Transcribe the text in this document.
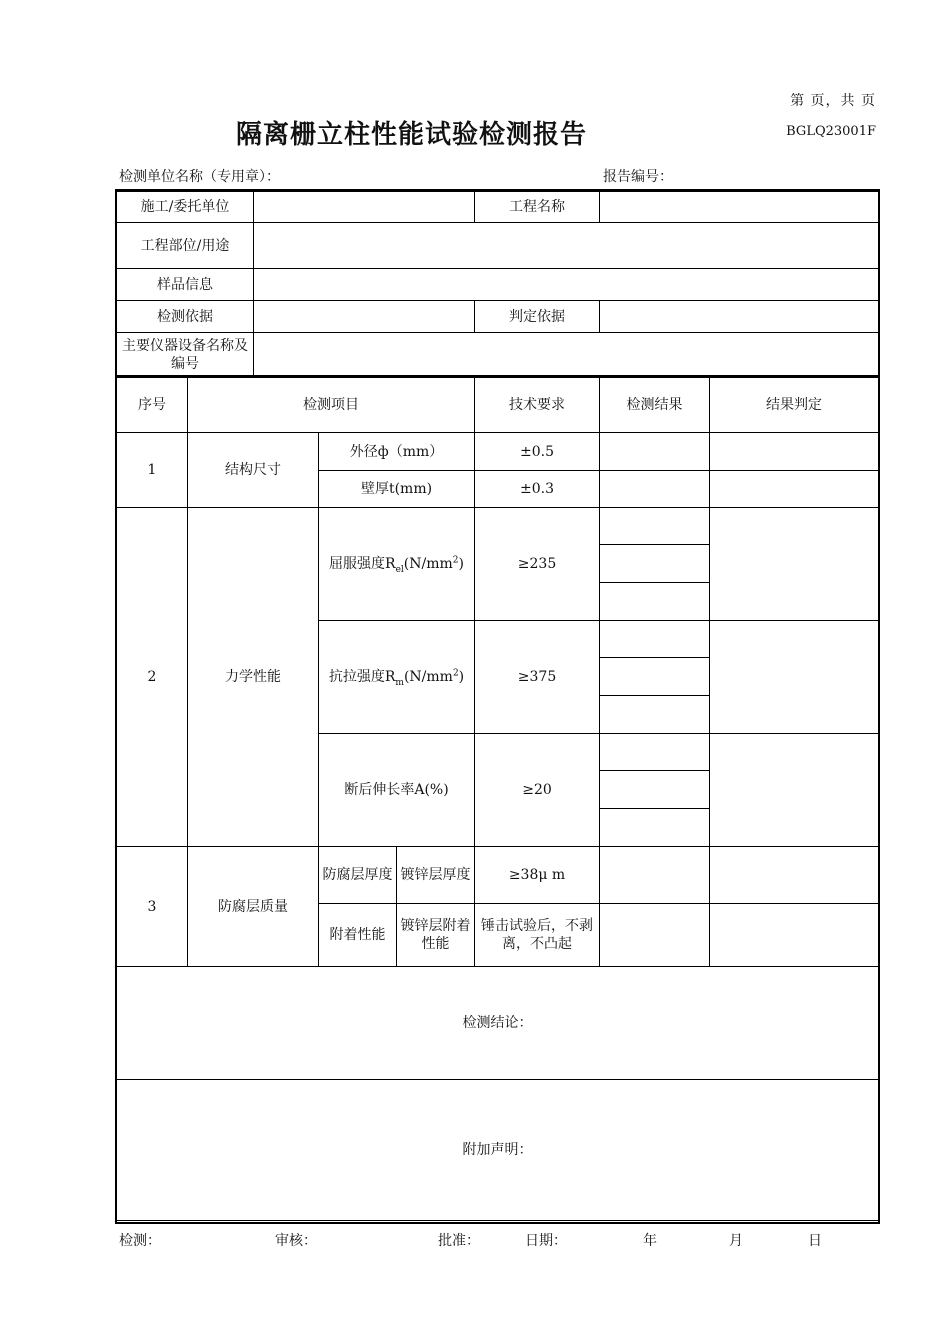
第 页，共 页
隔离栅立柱性能试验检测报告	BGLQ23001F
检测单位名称（专用章）：	报告编号：
施工/委托单位		工程名称	
工程部位/用途			
样品信息			
检测依据		判定依据	
主要仪器设备名称及编号			
序号	检测项目			技术要求	检测结果	结果判定
1	结构尺寸	外径ф（mm）		±0.5		
		壁厚t(mm)		±0.3		
2	力学性能	屈服强度$R_{el}(N/mm^2)$		≥235		

		抗拉强度$R_m(N/mm^2)$		≥375		

		断后伸长率A(%)		≥20		

3	防腐层质量	防腐层厚度	镀锌层厚度	≥38μ m		
		附着性能	镀锌层附着性能	锤击试验后，不剥离，不凸起		
检测结论：						
附加声明：						
检测：	审核：	批准：	日期：	年	月	日
